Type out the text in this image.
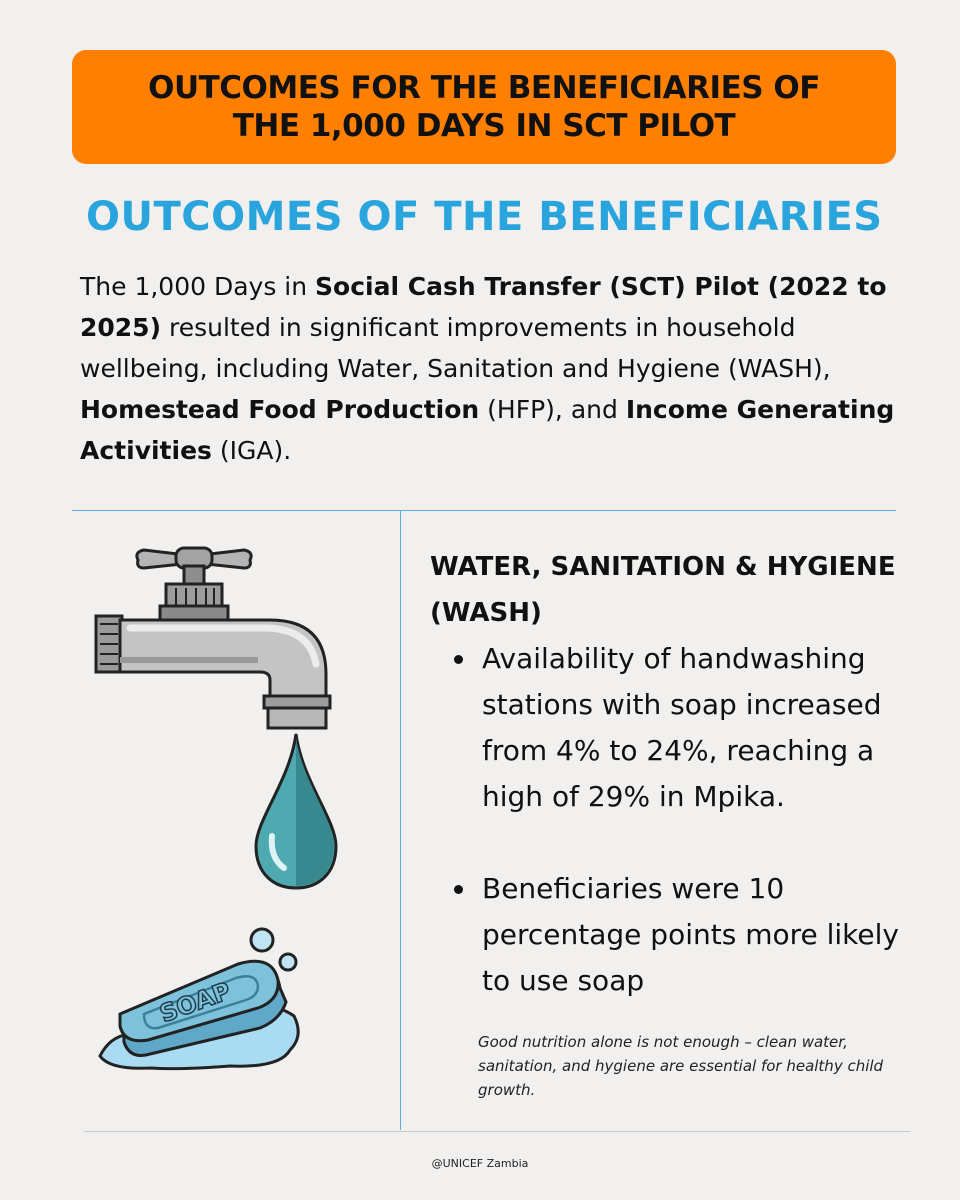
OUTCOMES FOR THE BENEFICIARIES OF
THE 1,000 DAYS IN SCT PILOT
OUTCOMES OF THE BENEFICIARIES

The 1,000 Days in Social Cash Transfer (SCT) Pilot (2022 to 2025) resulted in significant improvements in household wellbeing, including Water, Sanitation and Hygiene (WASH), Homestead Food Production (HFP), and Income Generating Activities (IGA).

SOAP
WATER, SANITATION & HYGIENE
(WASH)
Availability of handwashing stations with soap increased from 4% to 24%, reaching a high of 29% in Mpika.
Beneficiaries were 10 percentage points more likely to use soap

Good nutrition alone is not enough – clean water, sanitation, and hygiene are essential for healthy child growth.

@UNICEF Zambia
